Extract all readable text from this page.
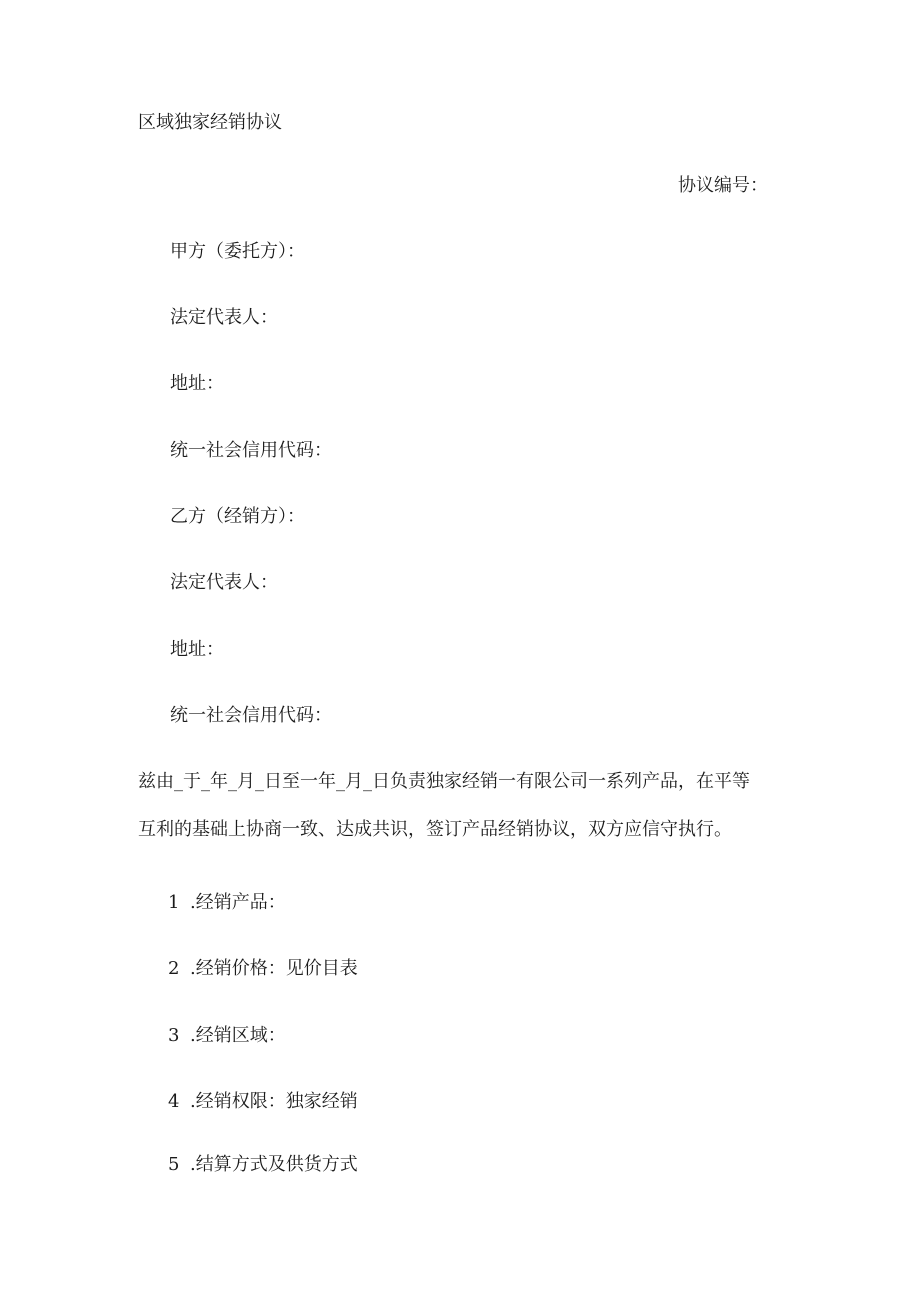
区域独家经销协议
协议编号：
甲方（委托方）：
法定代表人：
地址：
统一社会信用代码：
乙方（经销方）：
法定代表人：
地址：
统一社会信用代码：
兹由_于_年_月_日至一年_月_日负责独家经销一有限公司一系列产品，在平等
互利的基础上协商一致、达成共识，签订产品经销协议，双方应信守执行。
1 .经销产品：
2 .经销价格：见价目表
3 .经销区域：
4 .经销权限：独家经销
5 .结算方式及供货方式
